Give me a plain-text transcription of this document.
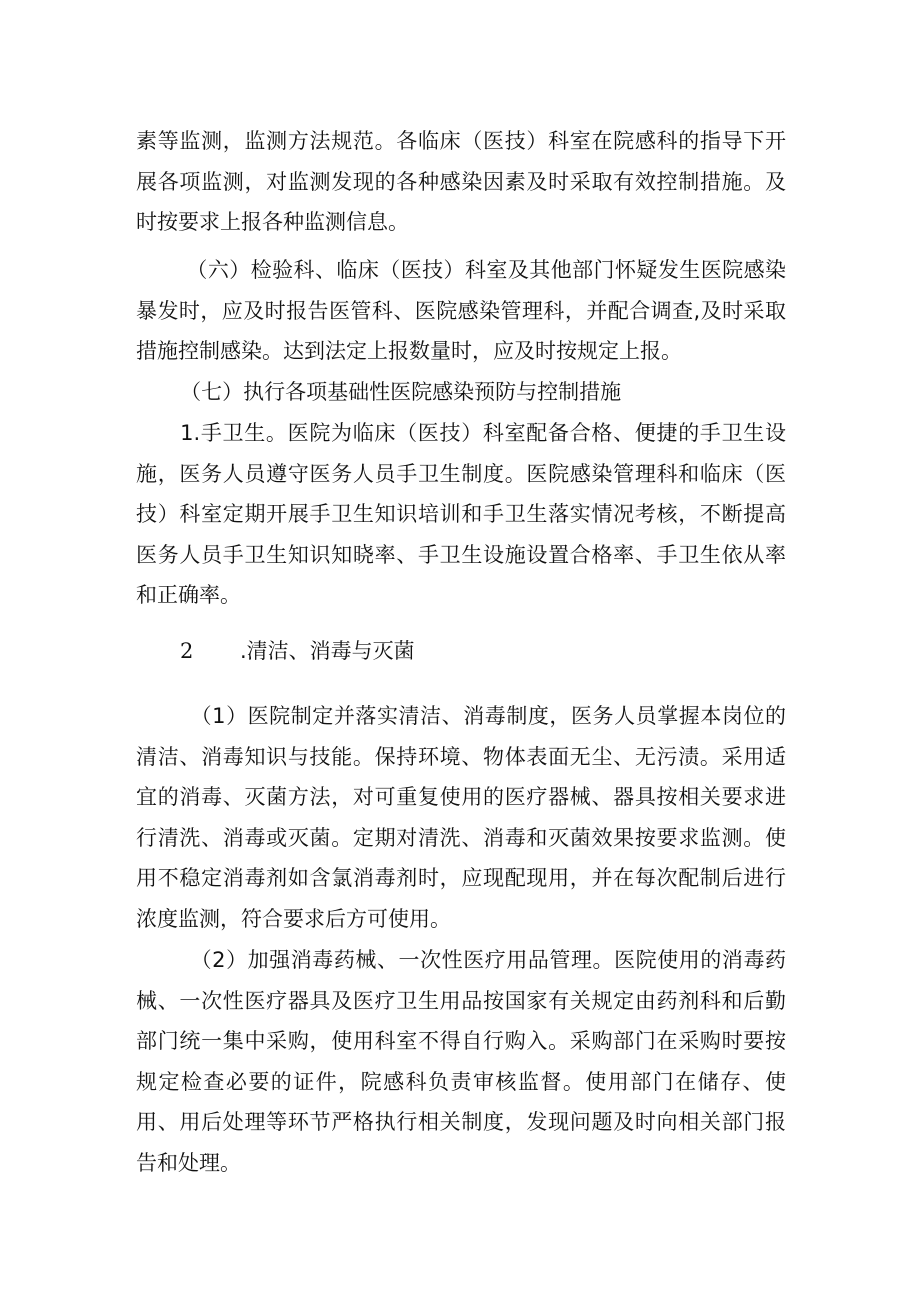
素等监测，监测方法规范。各临床（医技）科室在院感科的指导下开展各项监测，对监测发现的各种感染因素及时采取有效控制措施。及时按要求上报各种监测信息。

（六）检验科、临床（医技）科室及其他部门怀疑发生医院感染暴发时，应及时报告医管科、医院感染管理科，并配合调查,及时采取措施控制感染。达到法定上报数量时，应及时按规定上报。

（七）执行各项基础性医院感染预防与控制措施

1.手卫生。医院为临床（医技）科室配备合格、便捷的手卫生设施，医务人员遵守医务人员手卫生制度。医院感染管理科和临床（医技）科室定期开展手卫生知识培训和手卫生落实情况考核，不断提高医务人员手卫生知识知晓率、手卫生设施设置合格率、手卫生依从率和正确率。

2 .清洁、消毒与灭菌

（1）医院制定并落实清洁、消毒制度，医务人员掌握本岗位的清洁、消毒知识与技能。保持环境、物体表面无尘、无污渍。采用适宜的消毒、灭菌方法，对可重复使用的医疗器械、器具按相关要求进行清洗、消毒或灭菌。定期对清洗、消毒和灭菌效果按要求监测。使用不稳定消毒剂如含氯消毒剂时，应现配现用，并在每次配制后进行浓度监测，符合要求后方可使用。

（2）加强消毒药械、一次性医疗用品管理。医院使用的消毒药械、一次性医疗器具及医疗卫生用品按国家有关规定由药剂科和后勤部门统一集中采购，使用科室不得自行购入。采购部门在采购时要按规定检查必要的证件，院感科负责审核监督。使用部门在储存、使用、用后处理等环节严格执行相关制度，发现问题及时向相关部门报告和处理。
